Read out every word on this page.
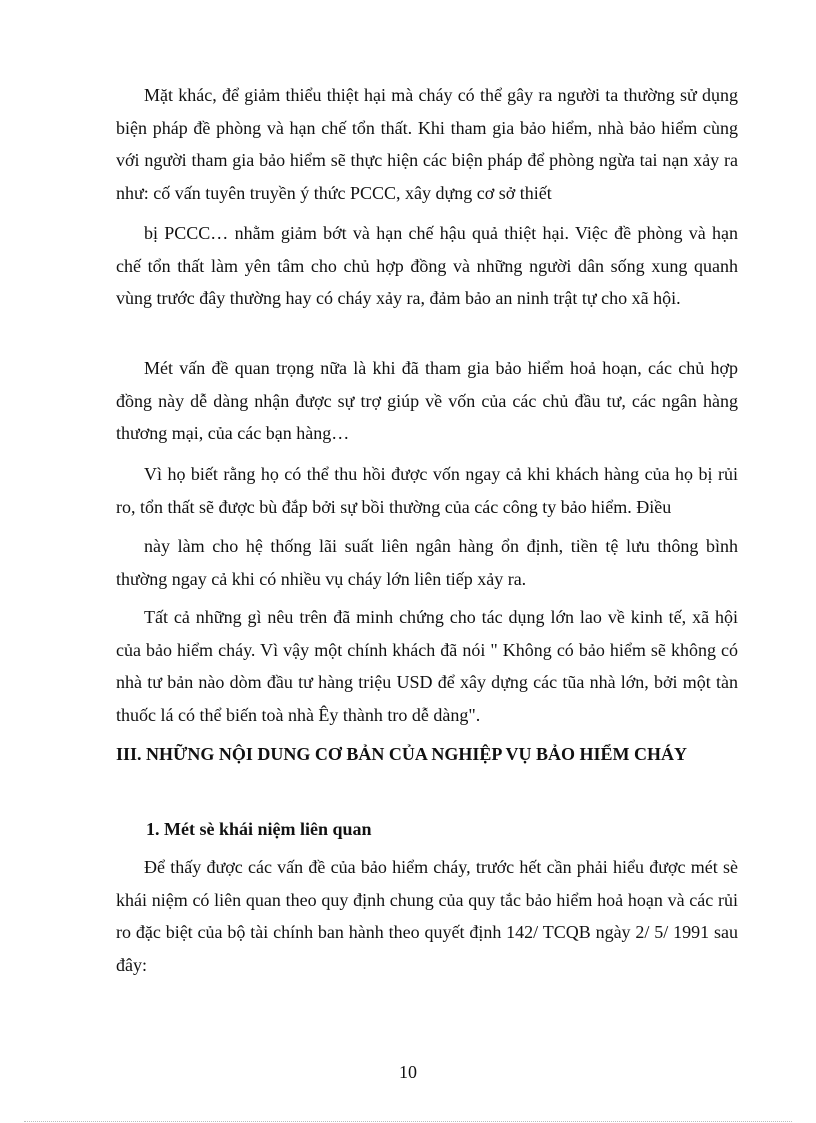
Mặt khác, để giảm thiểu thiệt hại mà cháy có thể gây ra người ta thường sử dụng biện pháp đề phòng và hạn chế tổn thất. Khi tham gia bảo hiểm, nhà bảo hiểm cùng với người tham gia bảo hiểm sẽ thực hiện các biện pháp để phòng ngừa tai nạn xảy ra như: cố vấn tuyên truyền ý thức PCCC, xây dựng cơ sở thiết

bị PCCC… nhằm giảm bớt và hạn chế hậu quả thiệt hại. Việc đề phòng và hạn chế tổn thất làm yên tâm cho chủ hợp đồng và những người dân sống xung quanh vùng trước đây thường hay có cháy xảy ra, đảm bảo an ninh trật tự cho xã hội.

Mét vấn đề quan trọng nữa là khi đã tham gia bảo hiểm hoả hoạn, các chủ hợp đồng này dễ dàng nhận được sự trợ giúp về vốn của các chủ đầu tư, các ngân hàng thương mại, của các bạn hàng…

Vì họ biết rằng họ có thể thu hồi được vốn ngay cả khi khách hàng của họ bị rủi ro, tổn thất sẽ được bù đắp bởi sự bồi thường của các công ty bảo hiểm. Điều

này làm cho hệ thống lãi suất liên ngân hàng ổn định, tiền tệ lưu thông bình thường ngay cả khi có nhiều vụ cháy lớn liên tiếp xảy ra.

Tất cả những gì nêu trên đã minh chứng cho tác dụng lớn lao về kinh tế, xã hội của bảo hiểm cháy. Vì vậy một chính khách đã nói " Không có bảo hiểm sẽ không có nhà tư bản nào dòm đầu tư hàng triệu USD để xây dựng các tũa nhà lớn, bởi một tàn thuốc lá có thể biến toà nhà Êy thành tro dễ dàng".

III. NHỮNG NỘI DUNG CƠ BẢN CỦA NGHIỆP VỤ BẢO HIỂM CHÁY
1. Mét sè khái niệm liên quan

Để thấy được các vấn đề của bảo hiểm cháy, trước hết cần phải hiểu được mét sè khái niệm có liên quan theo quy định chung của quy tắc bảo hiểm hoả hoạn và các rủi ro đặc biệt của bộ tài chính ban hành theo quyết định 142/ TCQB ngày 2/ 5/ 1991 sau đây:

10
